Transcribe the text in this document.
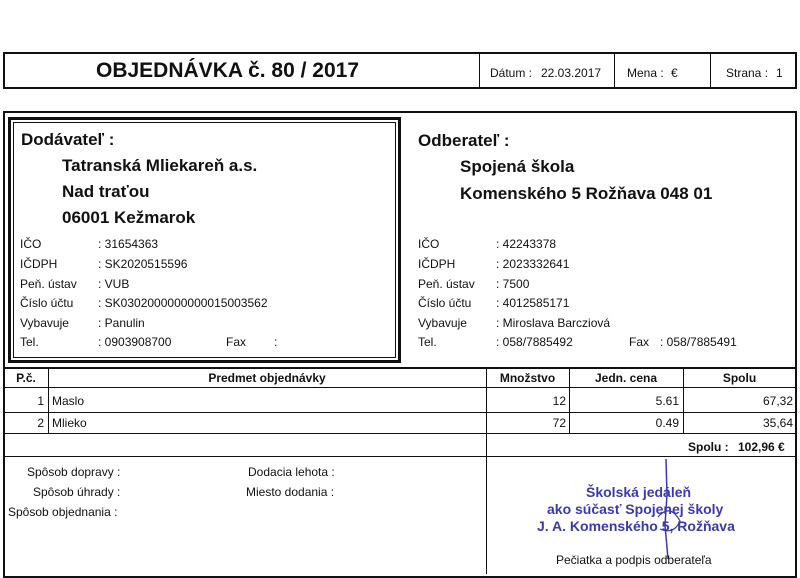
OBJEDNÁVKA č. 80 / 2017	Dátum : 22.03.2017 Mena : €	Strana : 1
Dodávateľ :
Tatranská Mliekareň a.s.
Nad traťou
06001 Kežmarok
IČO	: 31654363
IČDPH	: SK2020515596
Peň. ústav : VUB
Číslo účtu : SK0302000000000015003562
Vybavuje : Panulin
Tel.	: 0903908700	Fax :
Odberateľ :
Spojená škola
Komenského 5 Rožňava 048 01
IČO	: 42243378
IČDPH	: 2023332641
Peň. ústav : 7500
Číslo účtu : 4012585171
Vybavuje : Miroslava Barcziová
Tel.	: 058/7885492	Fax : 058/7885491
P.č.	Predmet objednávky	Množstvo	Jedn. cena	Spolu
1 Maslo	12	5.61	67,32
2 Mlieko	72	0.49	35,64
Spolu : 102,96 €
Spôsob dopravy :
Spôsob úhrady :
Spôsob objednania :
Dodacia lehota :
Miesto dodania :	Školská jedáleň
ako súčasť Spojenej školy
J. A. Komenského 5, Rožňava
Pečiatka a podpis odberateľa
